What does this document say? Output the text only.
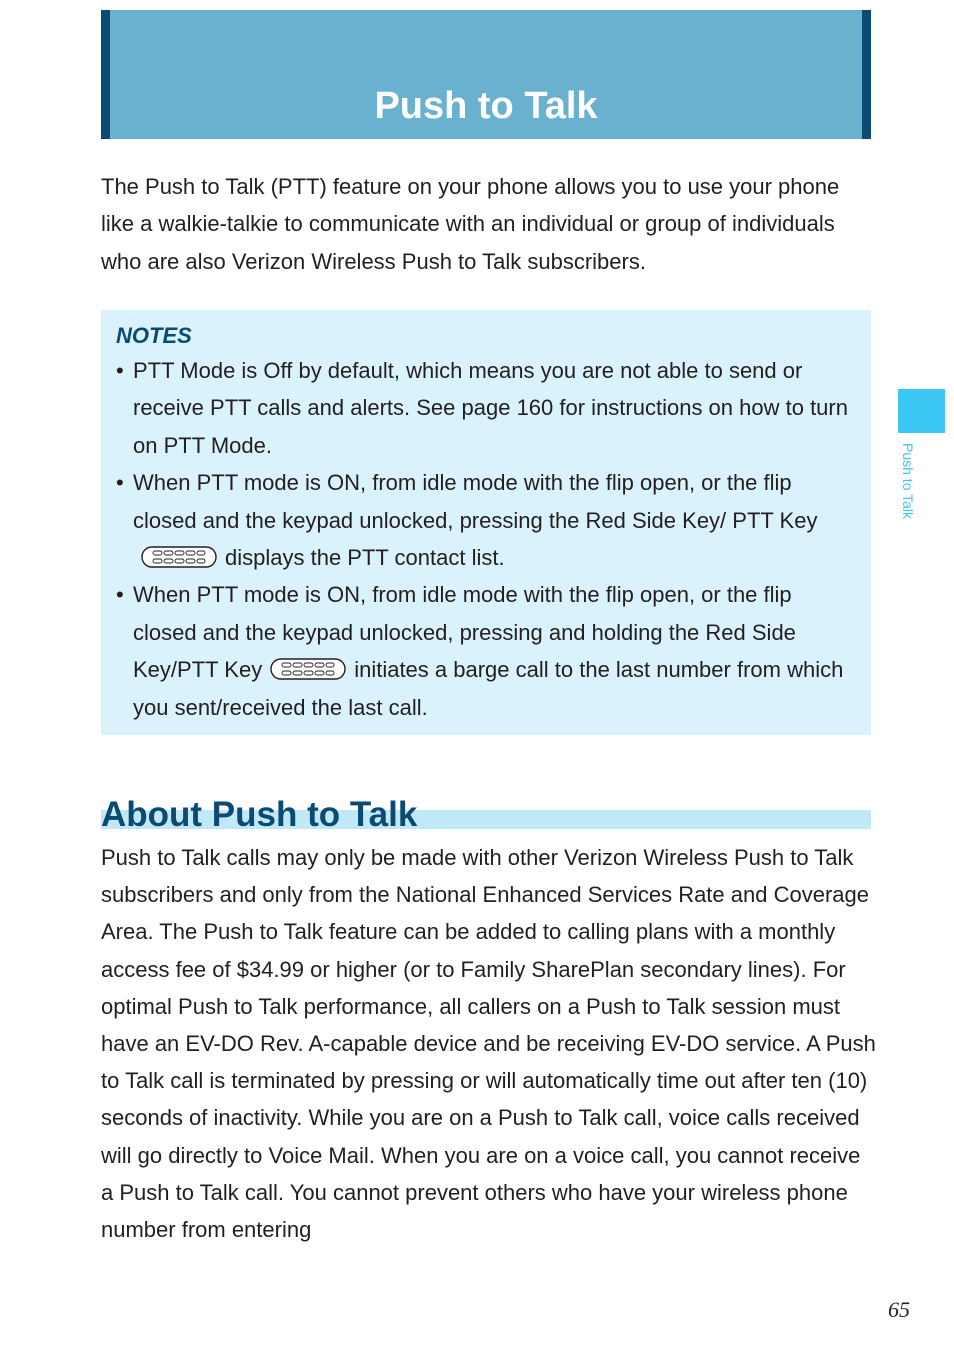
Push to Talk

The Push to Talk (PTT) feature on your phone allows you to use your phone like a walkie-talkie to communicate with an individual or group of individuals who are also Verizon Wireless Push to Talk subscribers.

NOTES

• PTT Mode is Off by default, which means you are not able to send or receive PTT calls and alerts. See page 160 for instructions on how to turn on PTT Mode.
• When PTT mode is ON, from idle mode with the flip open, or the flip closed and the keypad unlocked, pressing the Red Side Key/ PTT Keydisplays the PTT contact list.
• When PTT mode is ON, from idle mode with the flip open, or the flip closed and the keypad unlocked, pressing and holding the Red Side Key/PTT Key	initiates a barge call to the last number from which you sent/received the last call.
About Push to Talk

Push to Talk calls may only be made with other Verizon Wireless Push to Talk subscribers and only from the National Enhanced Services Rate and Coverage Area. The Push to Talk feature can be added to calling plans with a monthly access fee of $34.99 or higher (or to Family SharePlan secondary lines). For optimal Push to Talk performance, all callers on a Push to Talk session must have an EV-DO Rev. A-capable device and be receiving EV-DO service. A Push to Talk call is terminated by pressing or will automatically time out after ten (10) seconds of inactivity. While you are on a Push to Talk call, voice calls received will go directly to Voice Mail. When you are on a voice call, you cannot receive a Push to Talk call. You cannot prevent others who have your wireless phone number from entering

Push to Talk
65
